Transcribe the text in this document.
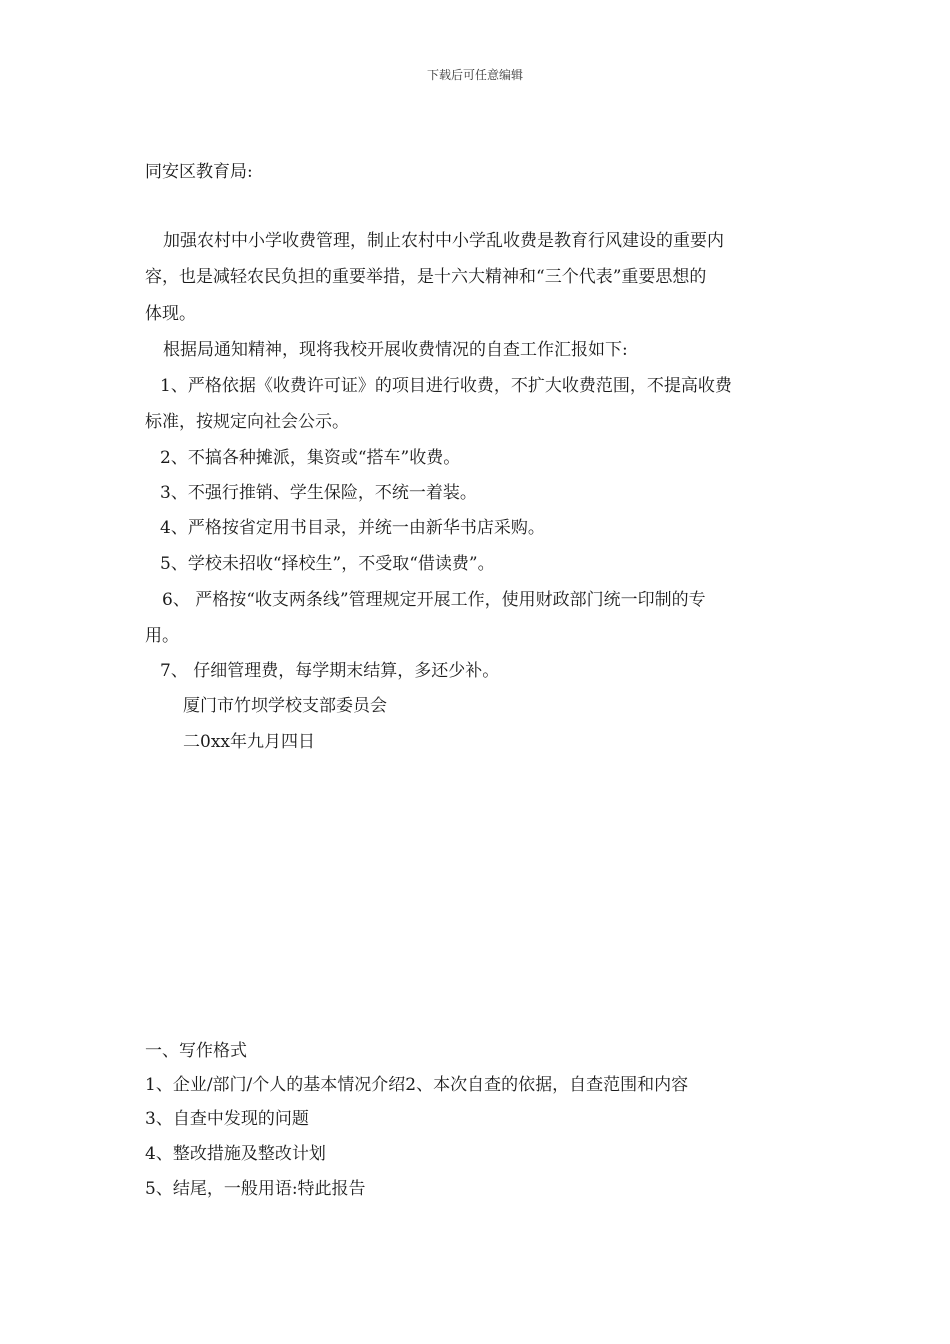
下载后可任意编辑
同安区教育局:
加强农村中小学收费管理，制止农村中小学乱收费是教育行风建设的重要内
容，也是减轻农民负担的重要举措，是十六大精神和“三个代表”重要思想的
体现。
根据局通知精神，现将我校开展收费情况的自查工作汇报如下:
1、严格依据《收费许可证》的项目进行收费，不扩大收费范围，不提高收费
标准，按规定向社会公示。
2、不搞各种摊派，集资或“搭车”收费。
3、不强行推销、学生保险，不统一着装。
4、严格按省定用书目录，并统一由新华书店采购。
5、学校未招收“择校生”，不受取“借读费”。
6、 严格按“收支两条线”管理规定开展工作，使用财政部门统一印制的专
用。
7、 仔细管理费，每学期末结算，多还少补。
厦门市竹坝学校支部委员会
二0xx年九月四日
一、写作格式
1、企业/部门/个人的基本情况介绍2、本次自查的依据，自查范围和内容
3、自查中发现的问题
4、整改措施及整改计划
5、结尾，一般用语:特此报告
